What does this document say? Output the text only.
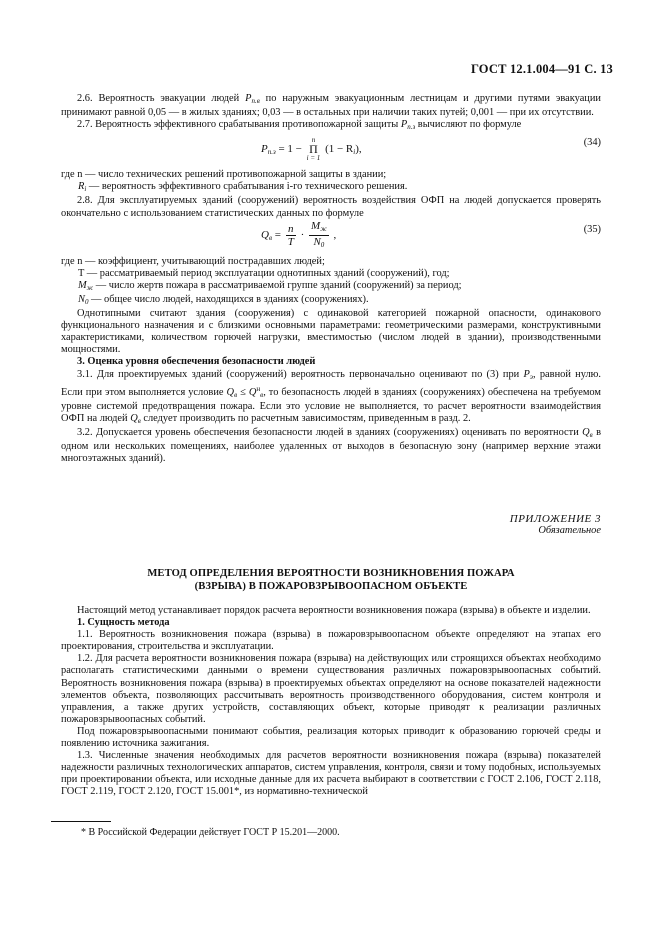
ГОСТ 12.1.004—91 С. 13

2.6. Вероятность эвакуации людей $P_{п.в}$ по наружным эвакуационным лестницам и другими путями эвакуации принимают равной 0,05 — в жилых зданиях; 0,03 — в остальных при наличии таких путей; 0,001 — при их отсутствии.

2.7. Вероятность эффективного срабатывания противопожарной защиты $P_{п.з}$ вычисляют по формуле

$P_{п.з} = 1$ −
n
Π
i = 1
$(1 - R_i)$,
(34)

где n — число технических решений противопожарной защиты в здании;

$R_i$ — вероятность эффективного срабатывания i-го технического решения.

2.8. Для эксплуатируемых зданий (сооружений) вероятность воздействия ОФП на людей допускается проверять окончательно с использованием статистических данных по формуле

$Q_в = \frac{n}{T} \cdot \frac{M_ж}{N_0}$ ,	(35)

где n — коэффициент, учитывающий пострадавших людей;

T — рассматриваемый период эксплуатации однотипных зданий (сооружений), год;

$M_ж$ — число жертв пожара в рассматриваемой группе зданий (сооружений) за период;

$N_0$ — общее число людей, находящихся в зданиях (сооружениях).

Однотипными считают здания (сооружения) с одинаковой категорией пожарной опасности, одинакового функционального назначения и с близкими основными параметрами: геометрическими размерами, конструктивными характеристиками, количеством горючей нагрузки, вместимостью (числом людей в здании), производственными мощностями.

3. Оценка уровня обеспечения безопасности людей

3.1. Для проектируемых зданий (сооружений) вероятность первоначально оценивают по (3) при $P_э$, равной нулю. Если при этом выполняется условие $Q_в \le Q^н_в$, то безопасность людей в зданиях (сооружениях) обеспечена на требуемом уровне системой предотвращения пожара. Если это условие не выполняется, то расчет вероятности взаимодействия ОФП на людей $Q_в$ следует производить по расчетным зависимостям, приведенным в разд. 2.

3.2. Допускается уровень обеспечения безопасности людей в зданиях (сооружениях) оценивать по вероятности $Q_в$ в одном или нескольких помещениях, наиболее удаленных от выходов в безопасную зону (например верхние этажи многоэтажных зданий).

ПРИЛОЖЕНИЕ 3
Обязательное
МЕТОД ОПРЕДЕЛЕНИЯ ВЕРОЯТНОСТИ ВОЗНИКНОВЕНИЯ ПОЖАРА
(ВЗРЫВА) В ПОЖАРОВЗРЫВООПАСНОМ ОБЪЕКТЕ

Настоящий метод устанавливает порядок расчета вероятности возникновения пожара (взрыва) в объекте и изделии.

1. Сущность метода

1.1. Вероятность возникновения пожара (взрыва) в пожаровзрывоопасном объекте определяют на этапах его проектирования, строительства и эксплуатации.

1.2. Для расчета вероятности возникновения пожара (взрыва) на действующих или строящихся объектах необходимо располагать статистическими данными о времени существования различных пожаровзрывоопасных событий. Вероятность возникновения пожара (взрыва) в проектируемых объектах определяют на основе показателей надежности элементов объекта, позволяющих рассчитывать вероятность производственного оборудования, систем контроля и управления, а также других устройств, составляющих объект, которые приводят к реализации различных пожаровзрывоопасных событий.

Под пожаровзрывоопасными понимают события, реализация которых приводит к образованию горючей среды и появлению источника зажигания.

1.3. Численные значения необходимых для расчетов вероятности возникновения пожара (взрыва) показателей надежности различных технологических аппаратов, систем управления, контроля, связи и тому подобных, используемых при проектировании объекта, или исходные данные для их расчета выбирают в соответствии с ГОСТ 2.106, ГОСТ 2.118, ГОСТ 2.119, ГОСТ 2.120, ГОСТ 15.001*, из нормативно-технической

* В Российской Федерации действует ГОСТ Р 15.201—2000.
